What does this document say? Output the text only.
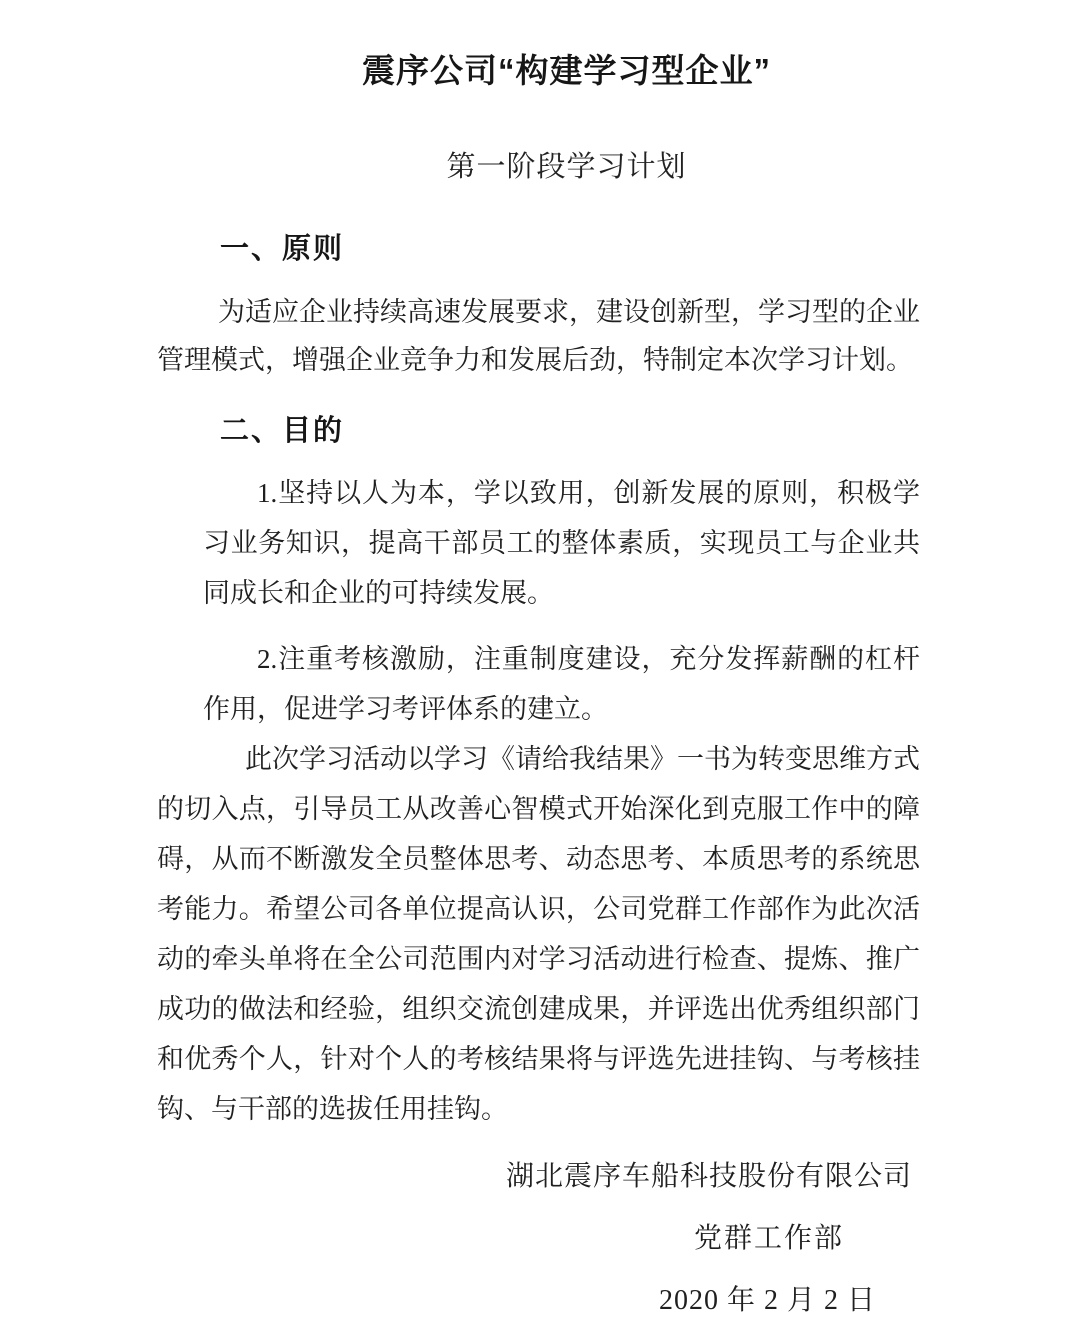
震序公司“构建学习型企业”
第一阶段学习计划
一、原则

为适应企业持续高速发展要求，建设创新型，学习型的企业管理模式，增强企业竞争力和发展后劲，特制定本次学习计划。

二、目的

1.坚持以人为本，学以致用，创新发展的原则，积极学习业务知识，提高干部员工的整体素质，实现员工与企业共同成长和企业的可持续发展。

2.注重考核激励，注重制度建设，充分发挥薪酬的杠杆作用，促进学习考评体系的建立。

此次学习活动以学习《请给我结果》一书为转变思维方式的切入点，引导员工从改善心智模式开始深化到克服工作中的障碍，从而不断激发全员整体思考、动态思考、本质思考的系统思考能力。希望公司各单位提高认识，公司党群工作部作为此次活动的牵头单将在全公司范围内对学习活动进行检查、提炼、推广成功的做法和经验，组织交流创建成果，并评选出优秀组织部门和优秀个人，针对个人的考核结果将与评选先进挂钩、与考核挂钩、与干部的选拔任用挂钩。

湖北震序车船科技股份有限公司
党群工作部
2020 年 2 月 2 日
